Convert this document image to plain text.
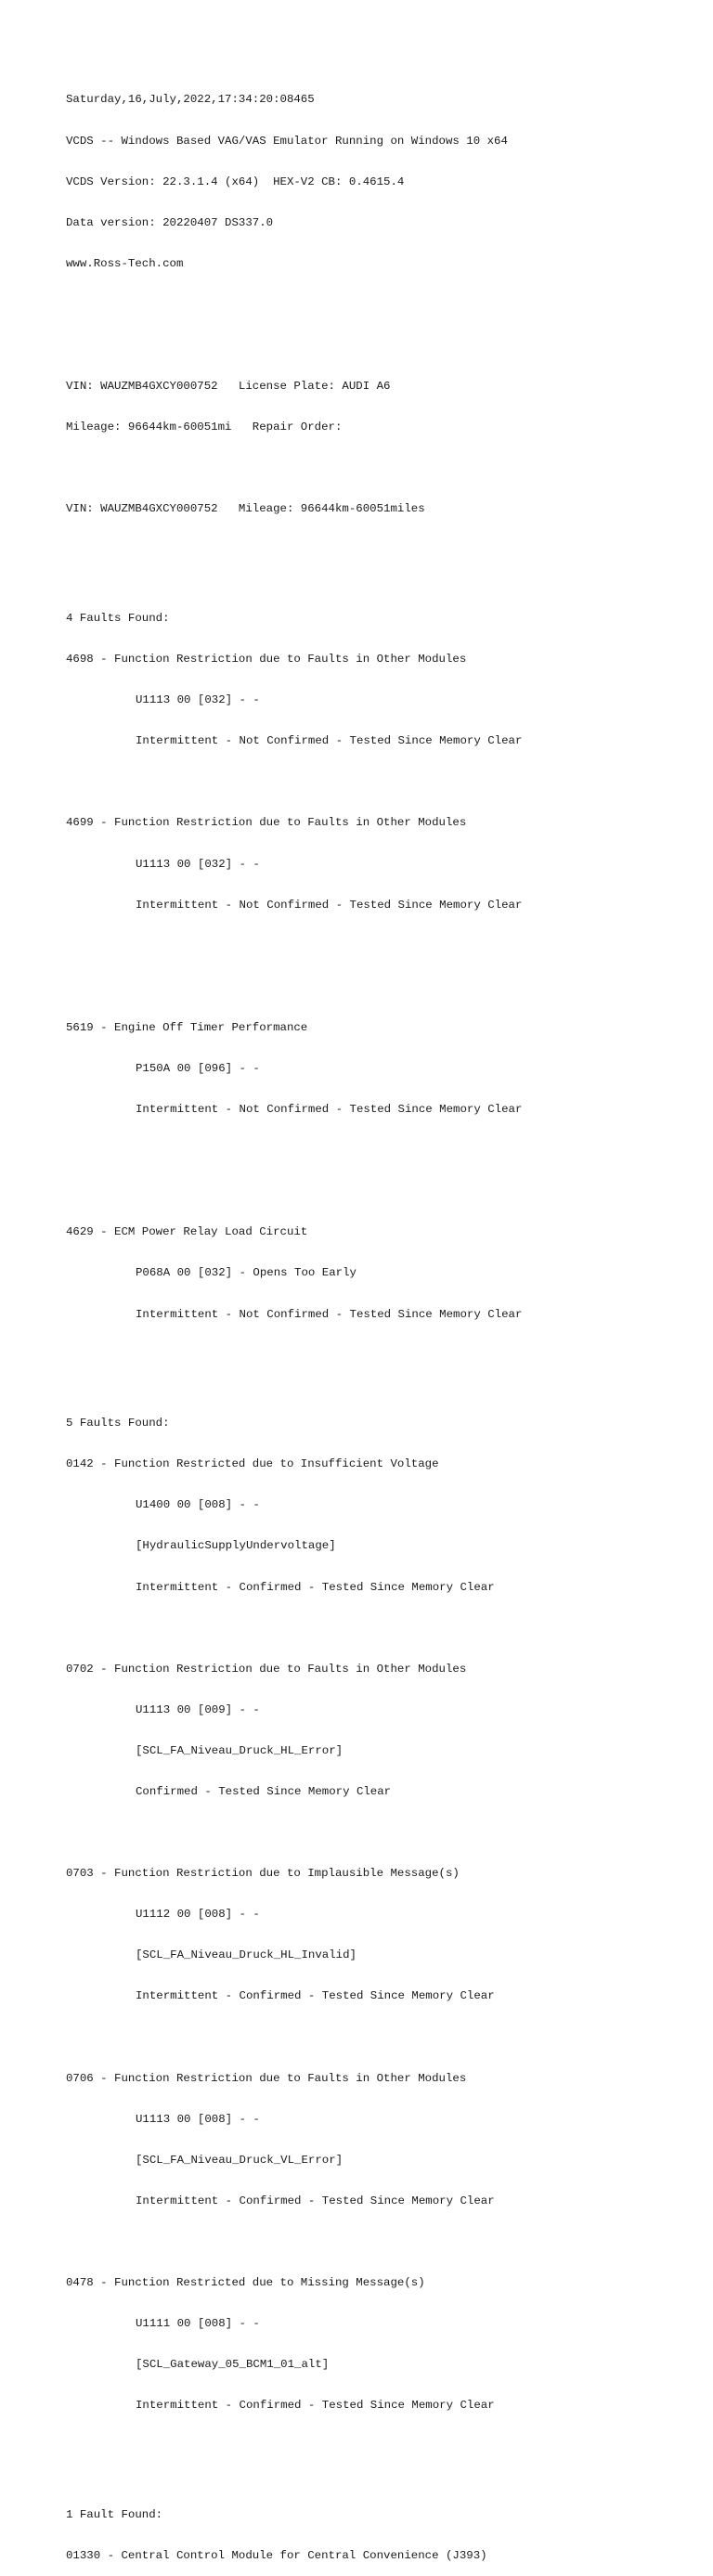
Saturday,16,July,2022,17:34:20:08465

VCDS -- Windows Based VAG/VAS Emulator Running on Windows 10 x64

VCDS Version: 22.3.1.4 (x64)  HEX-V2 CB: 0.4615.4

Data version: 20220407 DS337.0

www.Ross-Tech.com

VIN: WAUZMB4GXCY000752   License Plate: AUDI A6

Mileage: 96644km-60051mi   Repair Order:

VIN: WAUZMB4GXCY000752   Mileage: 96644km-60051miles

4 Faults Found:

4698 - Function Restriction due to Faults in Other Modules

U1113 00 [032] - -

Intermittent - Not Confirmed - Tested Since Memory Clear

4699 - Function Restriction due to Faults in Other Modules

U1113 00 [032] - -

Intermittent - Not Confirmed - Tested Since Memory Clear

5619 - Engine Off Timer Performance

P150A 00 [096] - -

Intermittent - Not Confirmed - Tested Since Memory Clear

4629 - ECM Power Relay Load Circuit

P068A 00 [032] - Opens Too Early

Intermittent - Not Confirmed - Tested Since Memory Clear

5 Faults Found:

0142 - Function Restricted due to Insufficient Voltage

U1400 00 [008] - -

[HydraulicSupplyUndervoltage]

Intermittent - Confirmed - Tested Since Memory Clear

0702 - Function Restriction due to Faults in Other Modules

U1113 00 [009] - -

[SCL_FA_Niveau_Druck_HL_Error]

Confirmed - Tested Since Memory Clear

0703 - Function Restriction due to Implausible Message(s)

U1112 00 [008] - -

[SCL_FA_Niveau_Druck_HL_Invalid]

Intermittent - Confirmed - Tested Since Memory Clear

0706 - Function Restriction due to Faults in Other Modules

U1113 00 [008] - -

[SCL_FA_Niveau_Druck_VL_Error]

Intermittent - Confirmed - Tested Since Memory Clear

0478 - Function Restricted due to Missing Message(s)

U1111 00 [008] - -

[SCL_Gateway_05_BCM1_01_alt]

Intermittent - Confirmed - Tested Since Memory Clear

1 Fault Found:

01330 - Central Control Module for Central Convenience (J393)
